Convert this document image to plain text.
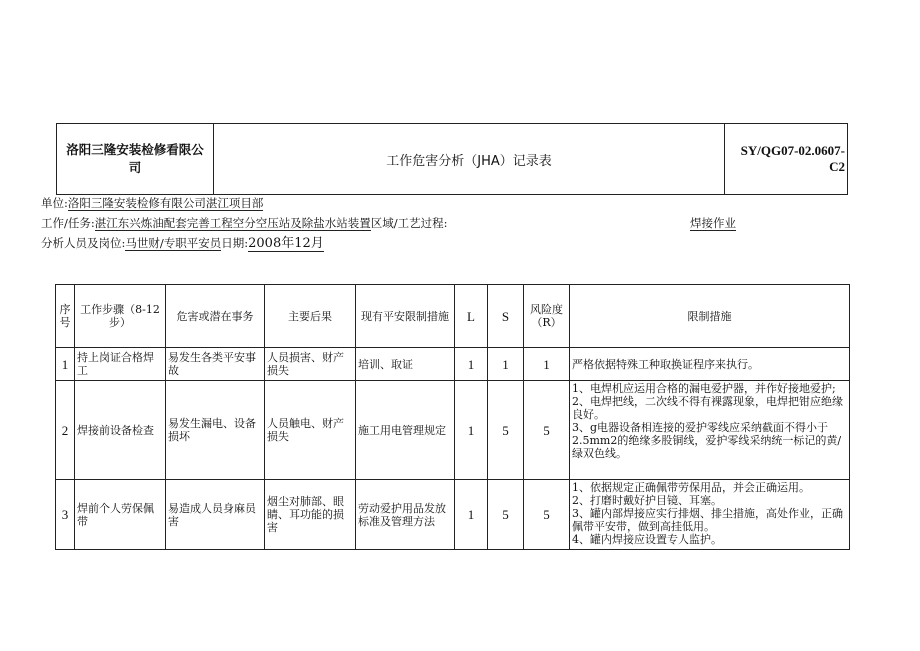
洛阳三隆安装检修看限公司	工作危害分析（JHA）记录表	SY/QG07-02.0607-C2
单位:洛阳三隆安装检修有限公司湛江项目部
工作/任务:湛江东兴炼油配套完善工程空分空压站及除盐水站装置区域/工艺过程:	焊接作业
分析人员及岗位:马世财/专职平安员日期:2008年12月
序号	工作步骤（8-12步）	危害或潜在事务	主要后果	现有平安限制措施	L	S	风险度（R）	限制措施
1	持上岗证合格焊工	易发生各类平安事故	人员损害、财产损失	培训、取证	1	1	1	严格依据特殊工种取换证程序来执行。

2	焊接前设备检查	易发生漏电、设备损坏	人员触电、财产损失	施工用电管理规定	1	5	5	1、电焊机应运用合格的漏电爱护器，并作好接地爱护;
2、电焊把线，二次线不得有裸露现象，电焊把钳应绝缘良好。
3、g电器设备相连接的爱护零线应采纳截面不得小于
2.5mm2的绝缘多股铜线，爱护零线采纳统一标记的黄/绿双色线。

3	焊前个人劳保佩带	易造成人员身麻员害	烟尘对肺部、眼睛、耳功能的损害	劳动爱护用品发放标准及管理方法	1	5	5	1、依据规定正确佩带劳保用品，并会正确运用。
2、打磨时戴好护目镜、耳塞。
3、罐内部焊接应实行排烟、排尘措施，高处作业，正确佩带平安带，做到高挂低用。
4、罐内焊接应设置专人监护。
